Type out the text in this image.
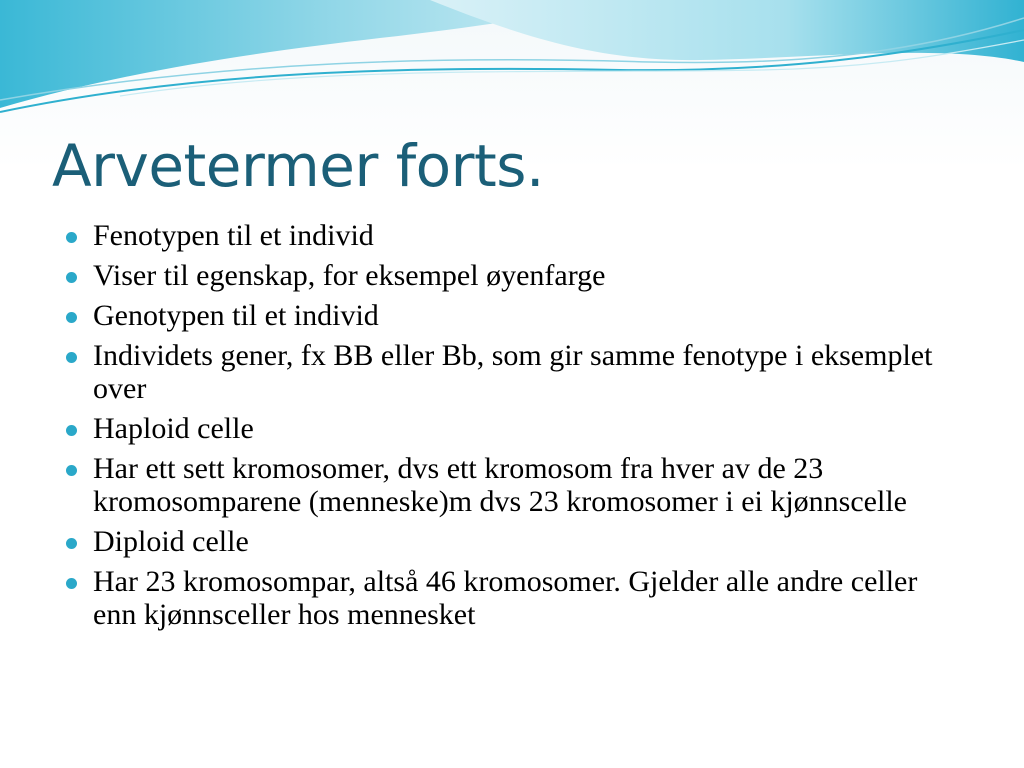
Arvetermer forts.
Fenotypen til et individ
Viser til egenskap, for eksempel øyenfarge
Genotypen til et individ
Individets gener, fx BB eller Bb, som gir samme fenotype i eksemplet over
Haploid celle
Har ett sett kromosomer, dvs ett kromosom fra hver av de 23 kromosomparene (menneske)m dvs 23 kromosomer i ei kjønnscelle
Diploid celle
Har 23 kromosompar, altså 46 kromosomer. Gjelder alle andre celler enn kjønnsceller hos mennesket
